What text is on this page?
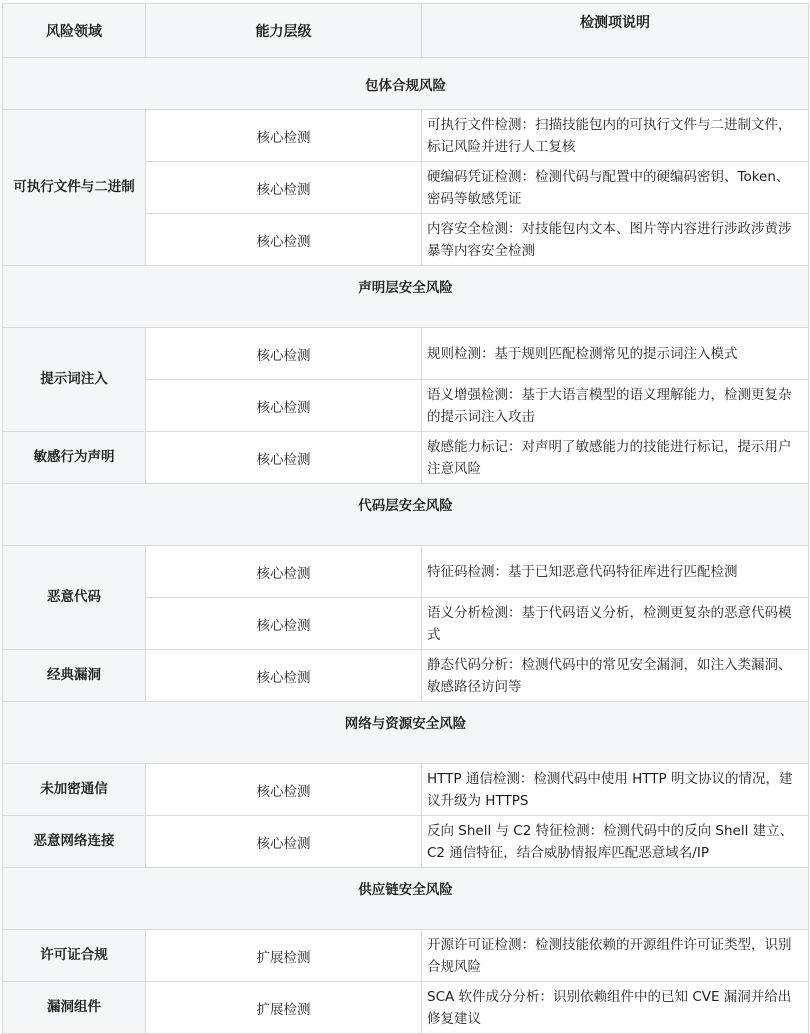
风险领域	能力层级	检测项说明
包体合规风险		
可执行文件与二进制	核心检测	可执行文件检测：扫描技能包内的可执行文件与二进制文件，标记风险并进行人工复核
	核心检测	硬编码凭证检测：检测代码与配置中的硬编码密钥、Token、密码等敏感凭证
	核心检测	内容安全检测：对技能包内文本、图片等内容进行涉政涉黄涉暴等内容安全检测
声明层安全风险		
提示词注入	核心检测	规则检测：基于规则匹配检测常见的提示词注入模式
	核心检测	语义增强检测：基于大语言模型的语义理解能力，检测更复杂的提示词注入攻击
敏感行为声明	核心检测	敏感能力标记：对声明了敏感能力的技能进行标记，提示用户注意风险
代码层安全风险		
恶意代码	核心检测	特征码检测：基于已知恶意代码特征库进行匹配检测
	核心检测	语义分析检测：基于代码语义分析，检测更复杂的恶意代码模式
经典漏洞	核心检测	静态代码分析：检测代码中的常见安全漏洞，如注入类漏洞、敏感路径访问等
网络与资源安全风险		
未加密通信	核心检测	HTTP 通信检测：检测代码中使用 HTTP 明文协议的情况，建议升级为 HTTPS
恶意网络连接	核心检测	反向 Shell 与 C2 特征检测：检测代码中的反向 Shell 建立、C2 通信特征，结合威胁情报库匹配恶意域名/IP
供应链安全风险		
许可证合规	扩展检测	开源许可证检测：检测技能依赖的开源组件许可证类型，识别合规风险
漏洞组件	扩展检测	SCA 软件成分分析：识别依赖组件中的已知 CVE 漏洞并给出修复建议
